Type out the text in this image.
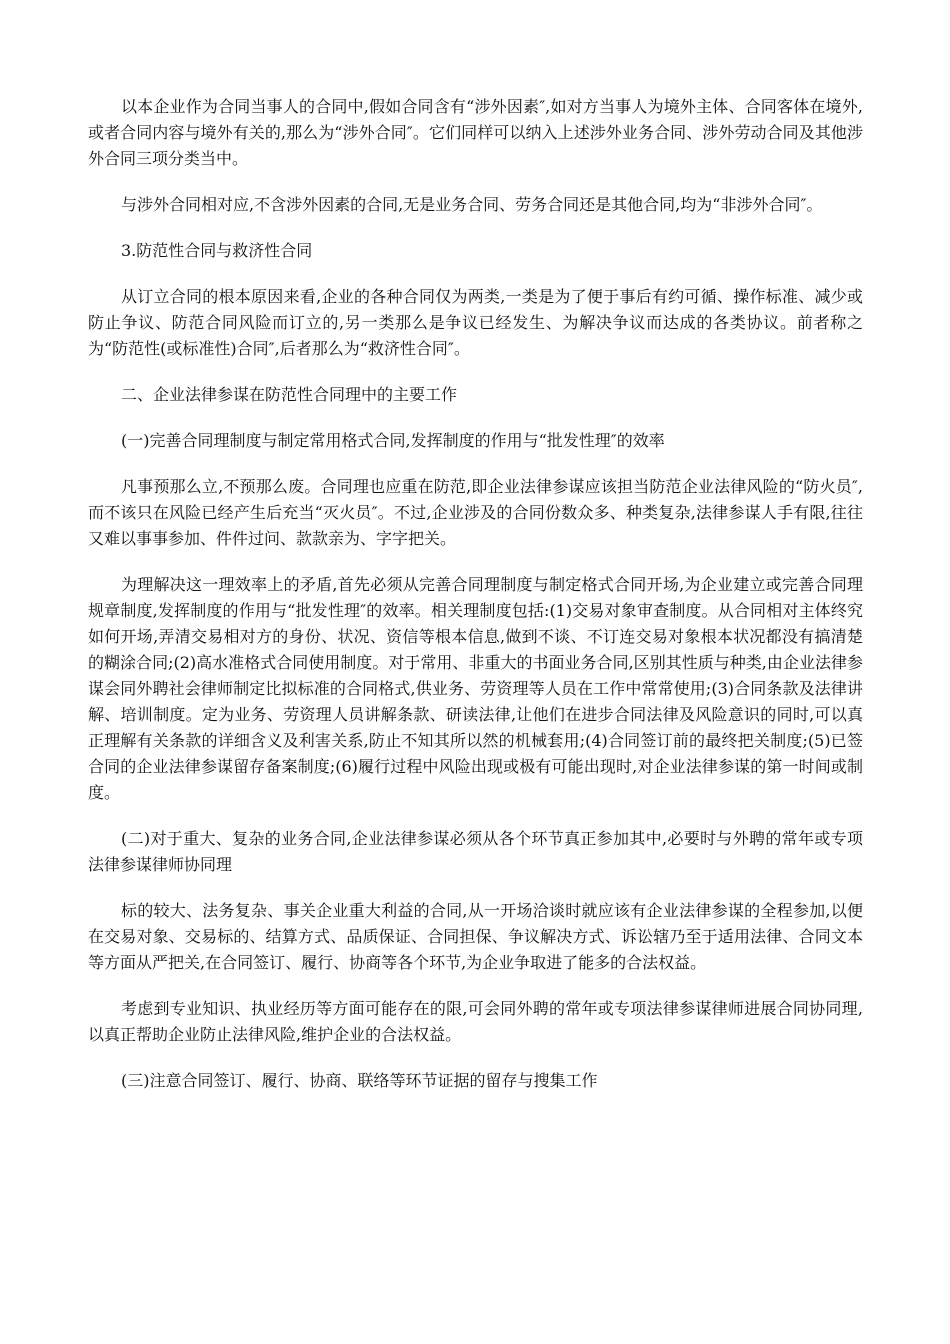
以本企业作为合同当事人的合同中,假如合同含有“涉外因素″,如对方当事人为境外主体、合同客体在境外,或者合同内容与境外有关的,那么为“涉外合同″。它们同样可以纳入上述涉外业务合同、涉外劳动合同及其他涉外合同三项分类当中。

与涉外合同相对应,不含涉外因素的合同,无是业务合同、劳务合同还是其他合同,均为“非涉外合同″。

3.防范性合同与救济性合同

从订立合同的根本原因来看,企业的各种合同仅为两类,一类是为了便于事后有约可循、操作标准、减少或防止争议、防范合同风险而订立的,另一类那么是争议已经发生、为解决争议而达成的各类协议。前者称之为“防范性(或标准性)合同″,后者那么为“救济性合同″。

二、企业法律参谋在防范性合同理中的主要工作

(一)完善合同理制度与制定常用格式合同,发挥制度的作用与“批发性理″的效率

凡事预那么立,不预那么废。合同理也应重在防范,即企业法律参谋应该担当防范企业法律风险的“防火员″,而不该只在风险已经产生后充当“灭火员″。不过,企业涉及的合同份数众多、种类复杂,法律参谋人手有限,往往又难以事事参加、件件过问、款款亲为、字字把关。

为理解决这一理效率上的矛盾,首先必须从完善合同理制度与制定格式合同开场,为企业建立或完善合同理规章制度,发挥制度的作用与“批发性理″的效率。相关理制度包括:(1)交易对象审查制度。从合同相对主体终究如何开场,弄清交易相对方的身份、状况、资信等根本信息,做到不谈、不订连交易对象根本状况都没有搞清楚的糊涂合同;(2)高水准格式合同使用制度。对于常用、非重大的书面业务合同,区别其性质与种类,由企业法律参谋会同外聘社会律师制定比拟标准的合同格式,供业务、劳资理等人员在工作中常常使用;(3)合同条款及法律讲解、培训制度。定为业务、劳资理人员讲解条款、研读法律,让他们在进步合同法律及风险意识的同时,可以真正理解有关条款的详细含义及利害关系,防止不知其所以然的机械套用;(4)合同签订前的最终把关制度;(5)已签合同的企业法律参谋留存备案制度;(6)履行过程中风险出现或极有可能出现时,对企业法律参谋的第一时间或制度。

(二)对于重大、复杂的业务合同,企业法律参谋必须从各个环节真正参加其中,必要时与外聘的常年或专项法律参谋律师协同理

标的较大、法务复杂、事关企业重大利益的合同,从一开场洽谈时就应该有企业法律参谋的全程参加,以便在交易对象、交易标的、结算方式、品质保证、合同担保、争议解决方式、诉讼辖乃至于适用法律、合同文本等方面从严把关,在合同签订、履行、协商等各个环节,为企业争取进了能多的合法权益。

考虑到专业知识、执业经历等方面可能存在的限,可会同外聘的常年或专项法律参谋律师进展合同协同理,以真正帮助企业防止法律风险,维护企业的合法权益。

(三)注意合同签订、履行、协商、联络等环节证据的留存与搜集工作
